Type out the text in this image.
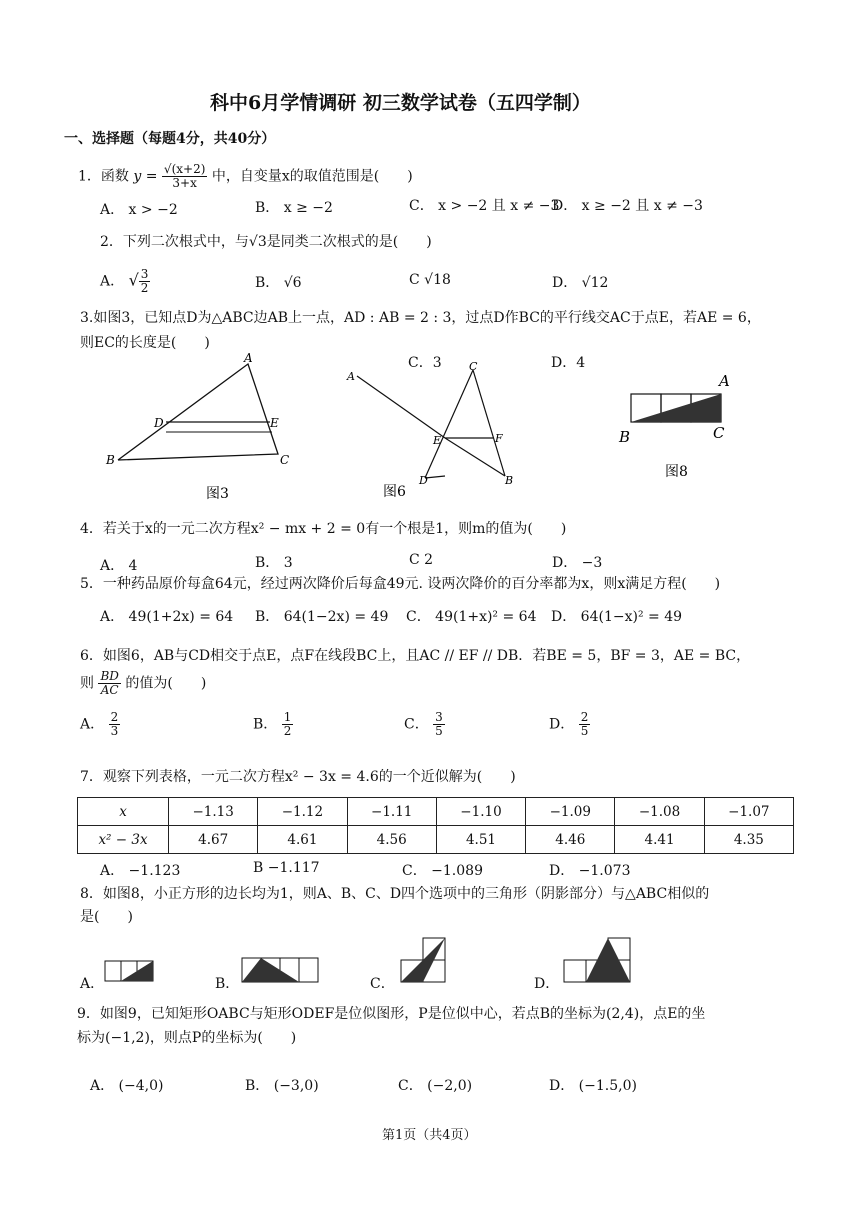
科中6月学情调研 初三数学试卷（五四学制）
一、选择题（每题4分，共40分）
1．函数 $y = \frac{√(x+2)}{3+x}$ 中，自变量x的取值范围是(　　)
A． x > −2	B． x ≥ −2	C． x > −2 且 x ≠ −3
D． x ≥ −2 且 x ≠ −3
2．下列二次根式中，与√3是同类二次根式的是(　　)
A． √ $\frac{3}{2}$	B． √6	C √18	D． √12
3.如图3，已知点D为△ABC边AB上一点，AD : AB = 2 : 3，过点D作BC的平行线交AC于点E，若AE = 6，
则EC的长度是(　　)
C．3	D．4
A
B	C
D	E
图3
A
C
E	F
D	B
图6
A
B	C
图8
4．若关于x的一元二次方程x² − mx + 2 = 0有一个根是1，则m的值为(　　)
A． 4	B． 3	C 2	D． −3
5．一种药品原价每盒64元，经过两次降价后每盒49元. 设两次降价的百分率都为x，则x满足方程(　　)
A． 49(1+2x) = 64 B． 64(1−2x) = 49 C． 49(1+x)² = 64 D． 64(1−x)² = 49
6．如图6，AB与CD相交于点E，点F在线段BC上，且AC // EF // DB．若BE = 5，BF = 3，AE = BC，
则 $\frac{BD}{AC}$ 的值为(　　)
A． $\frac{2}{3}$	B． $\frac{1}{2}$	C． $\frac{3}{5}$	D． $\frac{2}{5}$
7．观察下列表格，一元二次方程x² − 3x = 4.6的一个近似解为(　　)
x	−1.13	−1.12	−1.11	−1.10	−1.09	−1.08	−1.07
x² − 3x	4.67	4.61	4.56	4.51	4.46	4.41	4.35
A． −1.123	B −1.117	C． −1.089	D． −1.073
8．如图8，小正方形的边长均为1，则A、B、C、D四个选项中的三角形（阴影部分）与△ABC相似的
是(　　)
A．	B．	C．	D．
9．如图9，已知矩形OABC与矩形ODEF是位似图形，P是位似中心，若点B的坐标为(2,4)，点E的坐
标为(−1,2)，则点P的坐标为(　　)
A． (−4,0)	B． (−3,0)	C． (−2,0)	D． (−1.5,0)
第1页（共4页）
